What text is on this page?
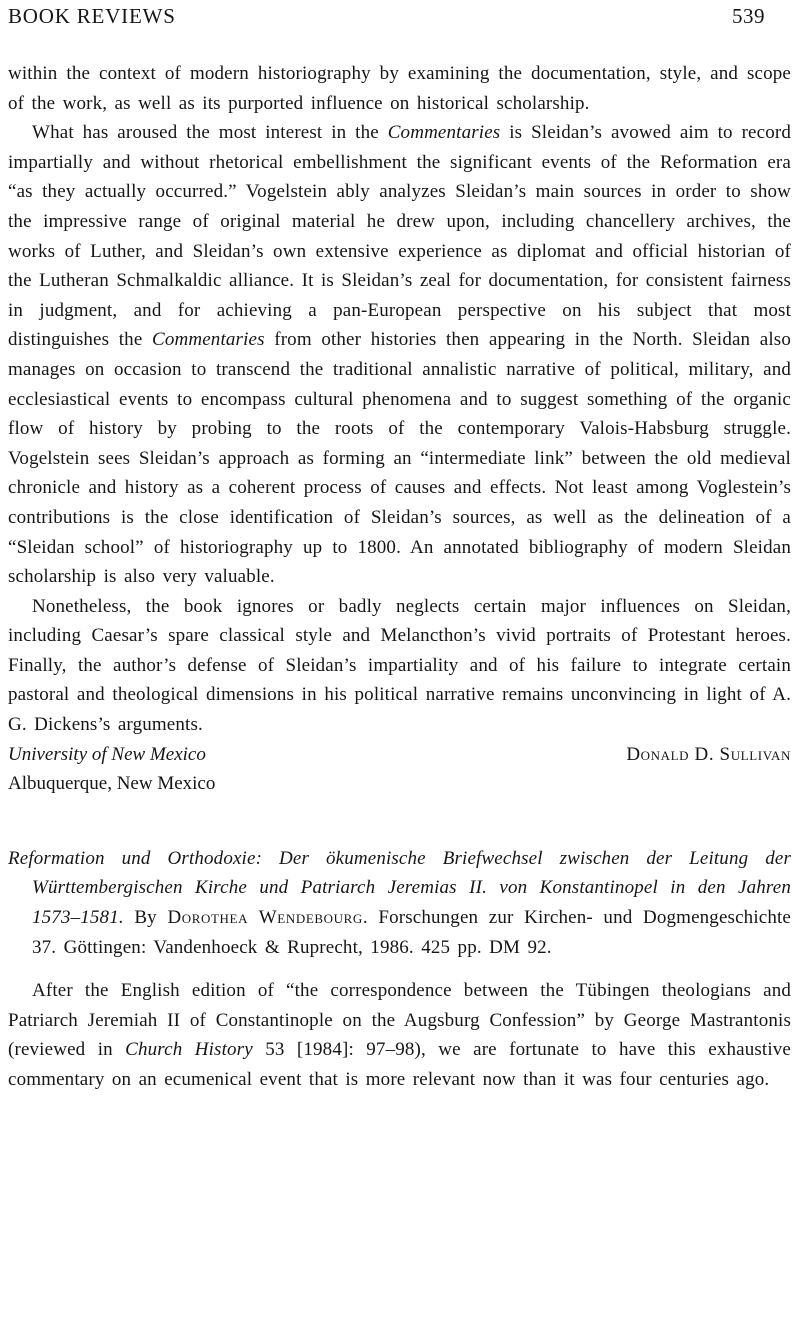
BOOK REVIEWS	539

within the context of modern historiography by examining the documentation, style, and scope of the work, as well as its purported influence on historical scholarship.

What has aroused the most interest in the Commentaries is Sleidan’s avowed aim to record impartially and without rhetorical embellishment the significant events of the Reformation era “as they actually occurred.” Vogelstein ably analyzes Sleidan’s main sources in order to show the impressive range of original material he drew upon, including chancellery archives, the works of Luther, and Sleidan’s own extensive experience as diplomat and official historian of the Lutheran Schmalkaldic alliance. It is Sleidan’s zeal for documentation, for consistent fairness in judgment, and for achieving a pan-European perspective on his subject that most distinguishes the Commentaries from other histories then appearing in the North. Sleidan also manages on occasion to transcend the traditional annalistic narrative of political, military, and ecclesiastical events to encompass cultural phenomena and to suggest something of the organic flow of history by probing to the roots of the contemporary Valois-Habsburg struggle. Vogelstein sees Sleidan’s approach as forming an “intermediate link” between the old medieval chronicle and history as a coherent process of causes and effects. Not least among Voglestein’s contributions is the close identification of Sleidan’s sources, as well as the delineation of a “Sleidan school” of historiography up to 1800. An annotated bibliography of modern Sleidan scholarship is also very valuable.

Nonetheless, the book ignores or badly neglects certain major influences on Sleidan, including Caesar’s spare classical style and Melancthon’s vivid portraits of Protestant heroes. Finally, the author’s defense of Sleidan’s impartiality and of his failure to integrate certain pastoral and theological dimensions in his political narrative remains unconvincing in light of A. G. Dickens’s arguments.

University of New Mexico	Donald D. Sullivan
Albuquerque, New Mexico

Reformation und Orthodoxie: Der ökumenische Briefwechsel zwischen der Leitung der Württembergischen Kirche und Patriarch Jeremias II. von Konstantinopel in den Jahren 1573–1581. By Dorothea Wendebourg. Forschungen zur Kirchen- und Dogmengeschichte 37. Göttingen: Vandenhoeck & Ruprecht, 1986. 425 pp. DM 92.

After the English edition of “the correspondence between the Tübingen theologians and Patriarch Jeremiah II of Constantinople on the Augsburg Confession” by George Mastrantonis (reviewed in Church History 53 [1984]: 97–98), we are fortunate to have this exhaustive commentary on an ecumenical event that is more relevant now than it was four centuries ago.
